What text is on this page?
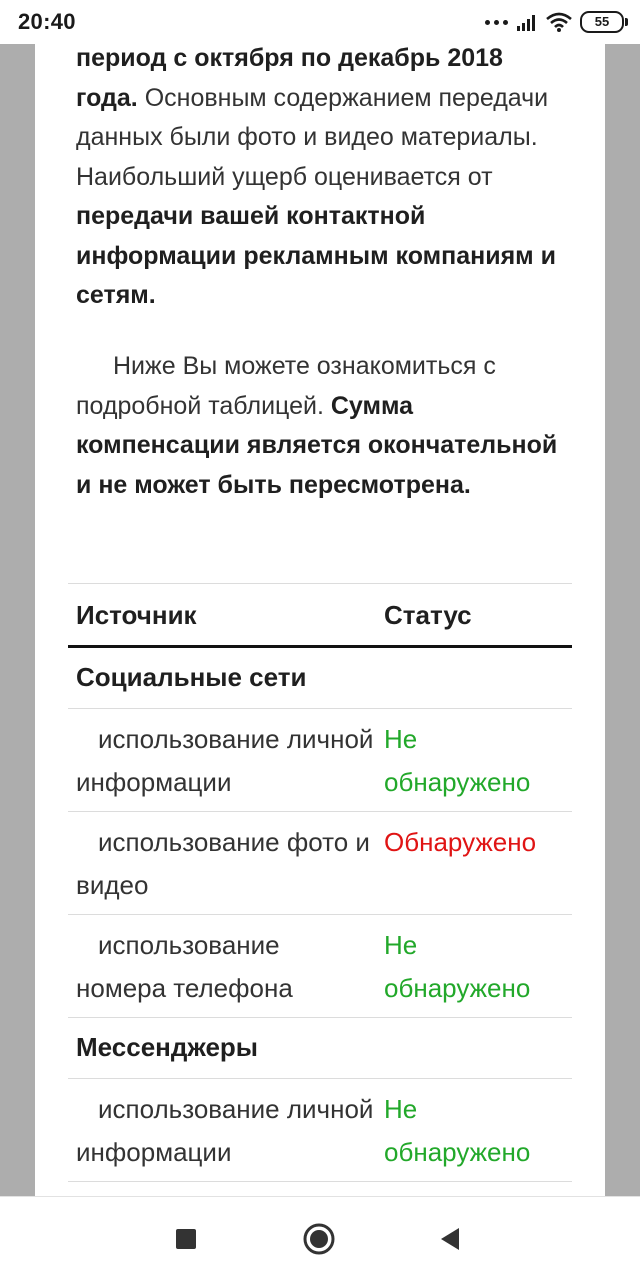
20:40	55
период с октября по декабрь 2018 года. Основным содержанием передачи данных были фото и видео материалы. Наибольший ущерб оценивается от передачи вашей контактной информации рекламным компаниям и сетям.
Ниже Вы можете ознакомиться с подробной таблицей. Сумма компенсации является окончательной и не может быть пересмотрена.
Источник	Статус
Социальные сети
использование личной информации
Не обнаружено
использование фото и видео
Обнаружено
использование номера телефона
Не обнаружено
Мессенджеры
использование личной информации
Не обнаружено
